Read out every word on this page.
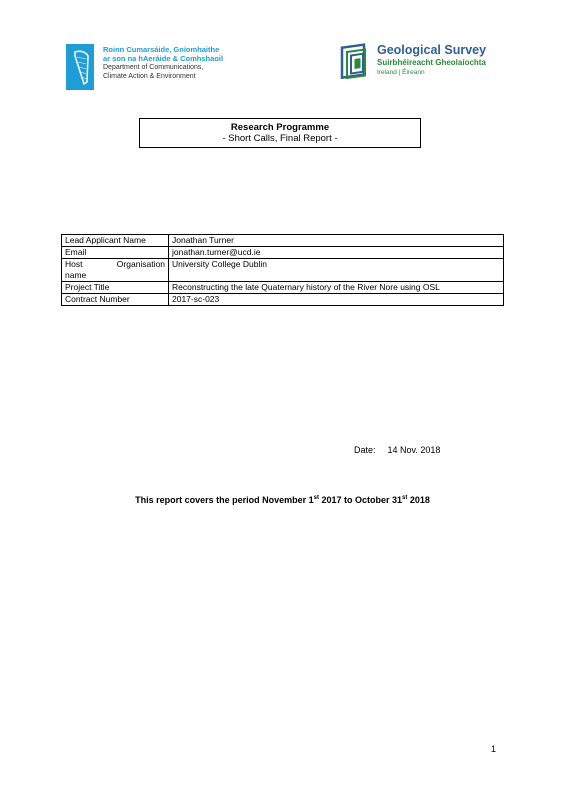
Roinn Cumarsáide, Gníomhaithe
ar son na hAeráide & Comhshaoil
Department of Communications,
Climate Action & Environment
Geological Survey
Suirbhéireacht Gheolaíochta
Ireland | Éireann
Research Programme
- Short Calls, Final Report -
Lead Applicant Name	Jonathan Turner
Email	jonathan.turner@ucd.ie

Host Organisation
name	University College Dublin
Project Title	Reconstructing the late Quaternary history of the River Nore using OSL
Contract Number	2017-sc-023
Date: 14 Nov. 2018
This report covers the period November 1st 2017 to October 31st 2018
1
